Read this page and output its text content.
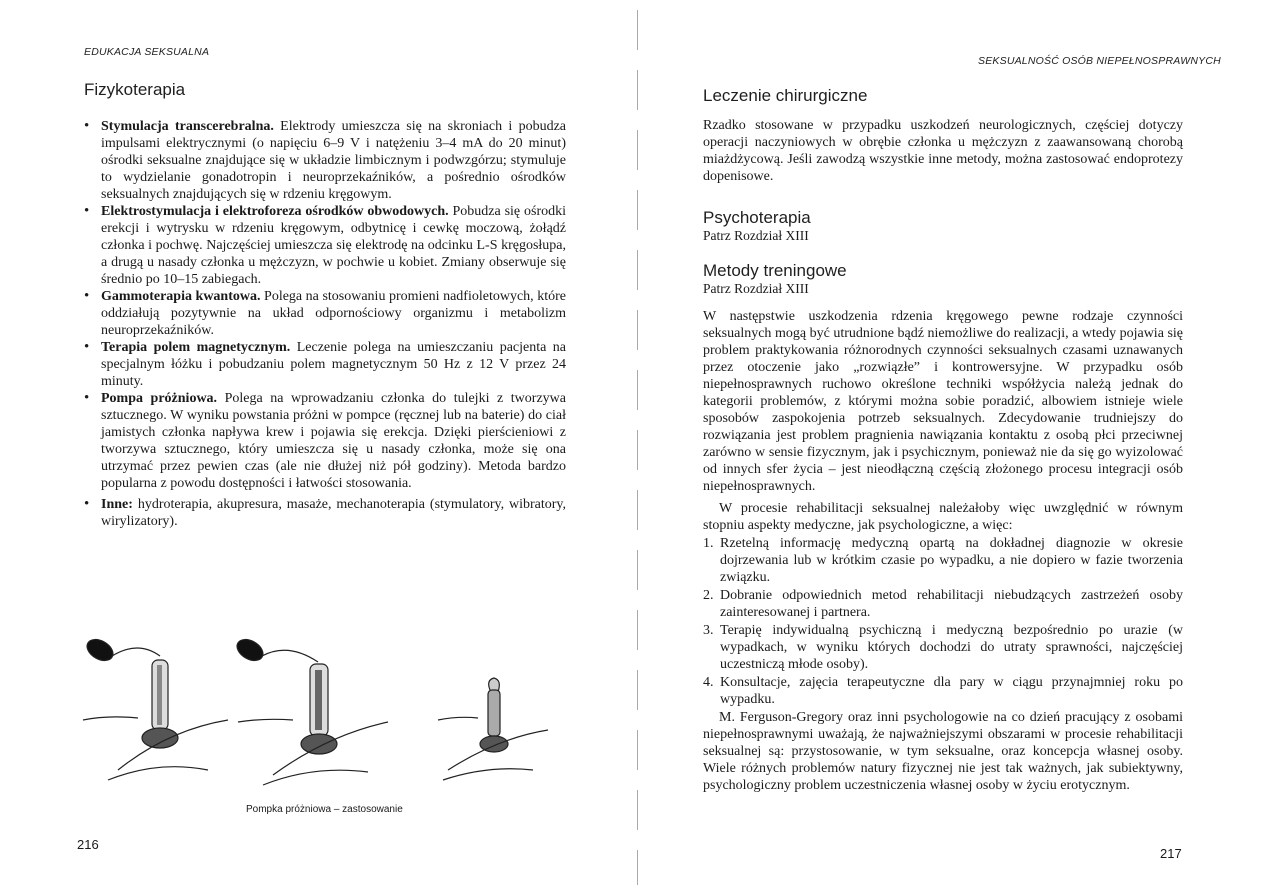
EDUKACJA SEKSUALNA
Fizykoterapia
• Stymulacja transcerebralna. Elektrody umieszcza się na skroniach i pobudza impulsami elektrycznymi (o napięciu 6–9 V i natężeniu 3–4 mA do 20 minut) ośrodki seksualne znajdujące się w układzie limbicznym i podwzgórzu; stymuluje to wydzielanie gonadotropin i neuroprzekaźników, a pośrednio ośrodków seksualnych znajdujących się w rdzeniu kręgowym.
• Elektrostymulacja i elektroforeza ośrodków obwodowych. Pobudza się ośrodki erekcji i wytrysku w rdzeniu kręgowym, odbytnicę i cewkę moczową, żołądź członka i pochwę. Najczęściej umieszcza się elektrodę na odcinku L-S kręgosłupa, a drugą u nasady członka u mężczyzn, w pochwie u kobiet. Zmiany obserwuje się średnio po 10–15 zabiegach.
• Gammoterapia kwantowa. Polega na stosowaniu promieni nadfioletowych, które oddziałują pozytywnie na układ odpornościowy organizmu i metabolizm neuroprzekaźników.
• Terapia polem magnetycznym. Leczenie polega na umieszczaniu pacjenta na specjalnym łóżku i pobudzaniu polem magnetycznym 50 Hz z 12 V przez 24 minuty.
• Pompa próżniowa. Polega na wprowadzaniu członka do tulejki z tworzywa sztucznego. W wyniku powstania próżni w pompce (ręcznej lub na baterie) do ciał jamistych członka napływa krew i pojawia się erekcja. Dzięki pierścieniowi z tworzywa sztucznego, który umieszcza się u nasady członka, może się ona utrzymać przez pewien czas (ale nie dłużej niż pół godziny). Metoda bardzo popularna z powodu dostępności i łatwości stosowania.
• Inne: hydroterapia, akupresura, masaże, mechanoterapia (stymulatory, wibratory, wirylizatory).
Pompka próżniowa – zastosowanie
216
SEKSUALNOŚĆ OSÓB NIEPEŁNOSPRAWNYCH
Leczenie chirurgiczne
Rzadko stosowane w przypadku uszkodzeń neurologicznych, częściej dotyczy operacji naczyniowych w obrębie członka u mężczyzn z zaawansowaną chorobą miażdżycową. Jeśli zawodzą wszystkie inne metody, można zastosować endoprotezy dopenisowe.
Psychoterapia
Patrz Rozdział XIII
Metody treningowe
Patrz Rozdział XIII
W następstwie uszkodzenia rdzenia kręgowego pewne rodzaje czynności seksualnych mogą być utrudnione bądź niemożliwe do realizacji, a wtedy pojawia się problem praktykowania różnorodnych czynności seksualnych czasami uznawanych przez otoczenie jako „rozwiązłe” i kontrowersyjne. W przypadku osób niepełnosprawnych ruchowo określone techniki współżycia należą jednak do kategorii problemów, z którymi można sobie poradzić, albowiem istnieje wiele sposobów zaspokojenia potrzeb seksualnych. Zdecydowanie trudniejszy do rozwiązania jest problem pragnienia nawiązania kontaktu z osobą płci przeciwnej zarówno w sensie fizycznym, jak i psychicznym, ponieważ nie da się go wyizolować od innych sfer życia – jest nieodłączną częścią złożonego procesu integracji osób niepełnosprawnych.
W procesie rehabilitacji seksualnej należałoby więc uwzględnić w równym stopniu aspekty medyczne, jak psychologiczne, a więc:
1. Rzetelną informację medyczną opartą na dokładnej diagnozie w okresie dojrzewania lub w krótkim czasie po wypadku, a nie dopiero w fazie tworzenia związku.
2. Dobranie odpowiednich metod rehabilitacji niebudzących zastrzeżeń osoby zainteresowanej i partnera.
3. Terapię indywidualną psychiczną i medyczną bezpośrednio po urazie (w wypadkach, w wyniku których dochodzi do utraty sprawności, najczęściej uczestniczą młode osoby).
4. Konsultacje, zajęcia terapeutyczne dla pary w ciągu przynajmniej roku po wypadku.
M. Ferguson-Gregory oraz inni psychologowie na co dzień pracujący z osobami niepełnosprawnymi uważają, że najważniejszymi obszarami w procesie rehabilitacji seksualnej są: przystosowanie, w tym seksualne, oraz koncepcja własnej osoby. Wiele różnych problemów natury fizycznej nie jest tak ważnych, jak subiektywny, psychologiczny problem uczestniczenia własnej osoby w życiu erotycznym.
217
